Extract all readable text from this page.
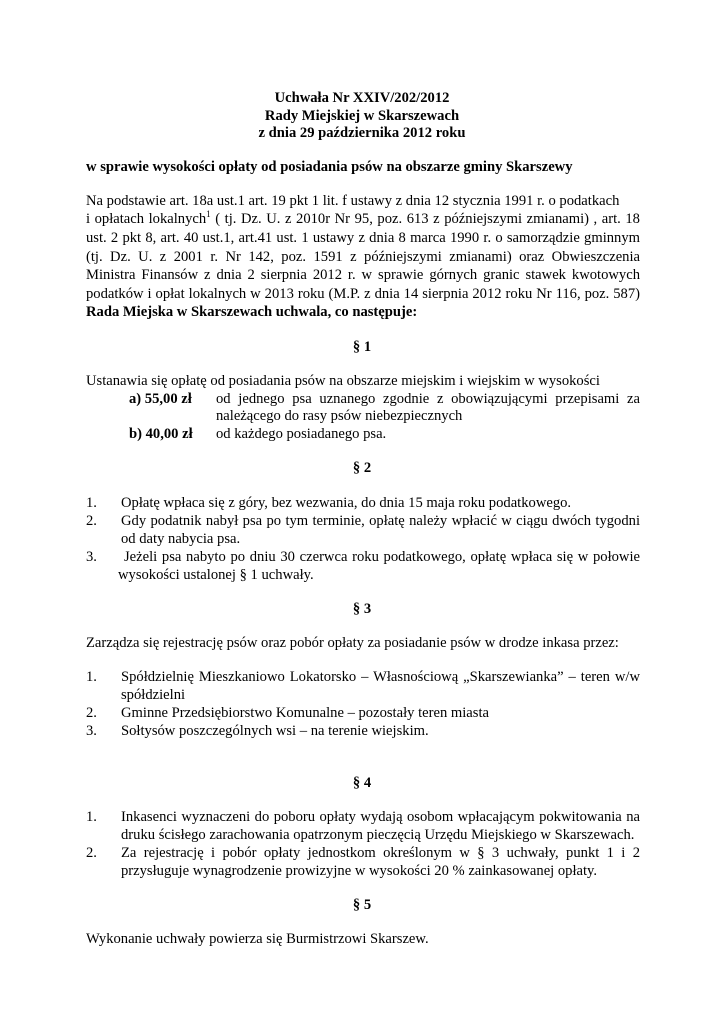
Uchwała Nr XXIV/202/2012
Rady Miejskiej w Skarszewach
z dnia 29 października 2012 roku
w sprawie wysokości opłaty od posiadania psów na obszarze gminy Skarszewy
Na podstawie art. 18a ust.1 art. 19 pkt 1 lit. f ustawy z dnia 12 stycznia 1991 r. o podatkach
i opłatach lokalnych$^1$ ( tj. Dz. U. z 2010r Nr 95, poz. 613 z późniejszymi zmianami) , art. 18
ust. 2 pkt 8, art. 40 ust.1, art.41 ust. 1 ustawy z dnia 8 marca 1990 r. o samorządzie gminnym
(tj. Dz. U. z 2001 r. Nr 142, poz. 1591 z późniejszymi zmianami) oraz Obwieszczenia
Ministra Finansów z dnia 2 sierpnia 2012 r. w sprawie górnych granic stawek kwotowych
podatków i opłat lokalnych w 2013 roku (M.P. z dnia 14 sierpnia 2012 roku Nr 116, poz. 587)
Rada Miejska w Skarszewach uchwala, co następuje:
§ 1
Ustanawia się opłatę od posiadania psów na obszarze miejskim i wiejskim w wysokości
a) 55,00 zł od jednego psa uznanego zgodnie z obowiązującymi przepisami za
należącego do rasy psów niebezpiecznych
b) 40,00 zł od każdego posiadanego psa.
§ 2
1. Opłatę wpłaca się z góry, bez wezwania, do dnia 15 maja roku podatkowego.
2. Gdy podatnik nabył psa po tym terminie, opłatę należy wpłacić w ciągu dwóch tygodni
od daty nabycia psa.
3. Jeżeli psa nabyto po dniu 30 czerwca roku podatkowego, opłatę wpłaca się w połowie
wysokości ustalonej § 1 uchwały.
§ 3
Zarządza się rejestrację psów oraz pobór opłaty za posiadanie psów w drodze inkasa przez:
1. Spółdzielnię Mieszkaniowo Lokatorsko – Własnościową „Skarszewianka” – teren w/w
spółdzielni
2. Gminne Przedsiębiorstwo Komunalne – pozostały teren miasta
3. Sołtysów poszczególnych wsi – na terenie wiejskim.
§ 4
1. Inkasenci wyznaczeni do poboru opłaty wydają osobom wpłacającym pokwitowania na
druku ścisłego zarachowania opatrzonym pieczęcią Urzędu Miejskiego w Skarszewach.
2. Za rejestrację i pobór opłaty jednostkom określonym w § 3 uchwały, punkt 1 i 2
przysługuje wynagrodzenie prowizyjne w wysokości 20 % zainkasowanej opłaty.
§ 5
Wykonanie uchwały powierza się Burmistrzowi Skarszew.
